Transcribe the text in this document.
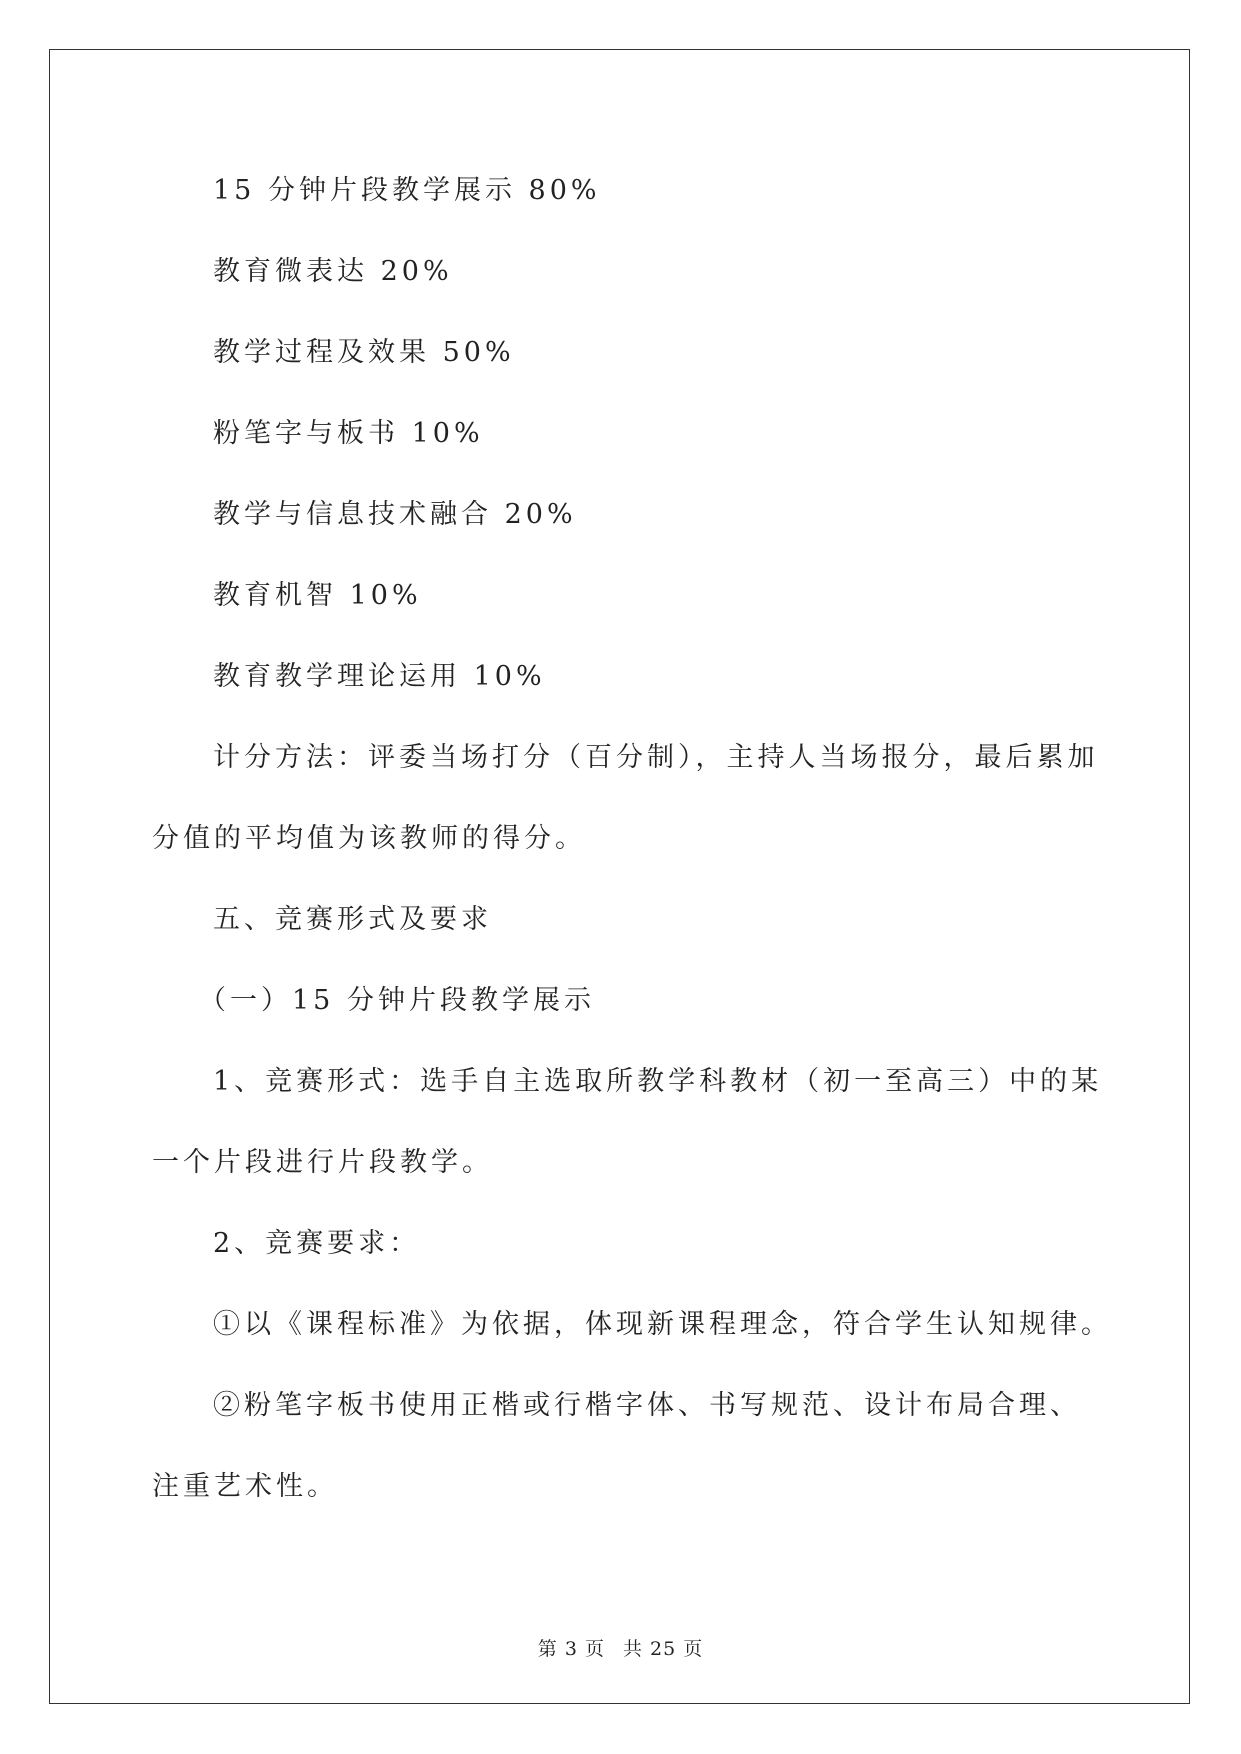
15 分钟片段教学展示 80%
教育微表达 20%
教学过程及效果 50%
粉笔字与板书 10%
教学与信息技术融合 20%
教育机智 10%
教育教学理论运用 10%
计分方法：评委当场打分（百分制），主持人当场报分，最后累加
分值的平均值为该教师的得分。
五、竞赛形式及要求
（一）15 分钟片段教学展示
1、竞赛形式：选手自主选取所教学科教材（初一至高三）中的某
一个片段进行片段教学。
2、竞赛要求：
①以《课程标准》为依据，体现新课程理念，符合学生认知规律。
②粉笔字板书使用正楷或行楷字体、书写规范、设计布局合理、
注重艺术性。
第 3 页 共 25 页
